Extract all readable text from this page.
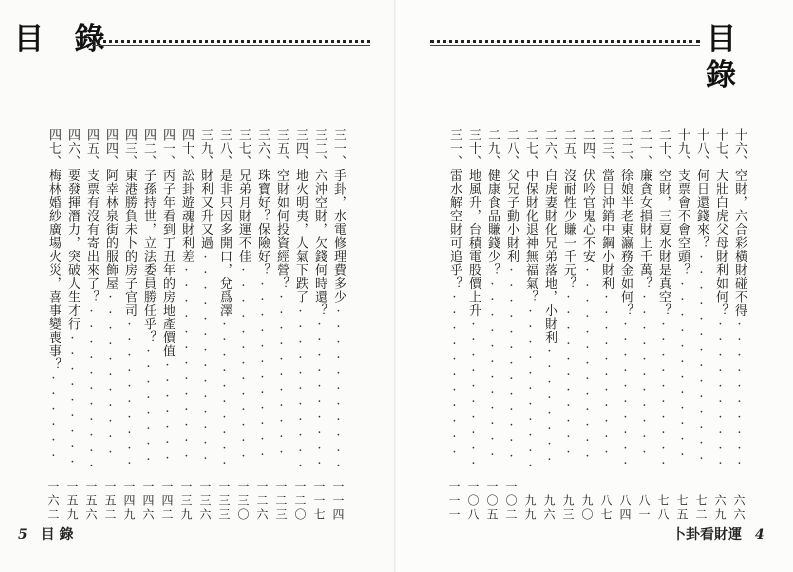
目 錄
三一、手卦，水電修理費多少 ·····
一一四
三二、六沖空財，欠錢何時還？ ·····
一一七
三四、地火明夷，人氣下跌了 ·····
一二〇
三五、空財如何投資經營？ ·····
一二三
三六、珠寶好？保險好？ ·····
一二六
三七、兄弟月財運不佳 ·····
一三〇
三八、是非只因多開口，兌爲澤 ·····
一三三
三九、財利又升又過 ·····
一三六
四十、訟卦遊魂財利差 ·····
一三九
四一、丙子年看到丁丑年的房地產價值 ·····
一四二
四二、子孫持世，立法委員勝任乎？ ·····
一四六
四三、東港勝負未卜的房子官司 ·····
一四九
四四、阿幸林泉街的服飾屋 ·····
一五二
四五、支票有沒有寄出來了？ ·····
一五六
四六、要發揮潛力，突破人生才行 ·····
一五九
四七、梅林婚紗廣場火災，喜事變喪事？ ·····
一六二
5 目 錄
目 錄
十六、空財，六合彩橫財碰不得 ·····
六六
十七、大壯白虎父母財利如何？ ·····
六九
十八、何日還錢來？ ·····
七二
十九、支票會不會空頭？ ·····
七五
二十、空財，三夏水財是真空？ ·····
七八
二一、廉貪女損財上千萬？ ·····
八一
二二、徐娘半老東瀛務金如何？ ·····
八四
二三、當日沖銷中鋼小財利 ·····
八七
二四、伏吟官鬼心不安 ·····
九〇
二五、沒耐性少賺一千元？ ·····
九三
二六、白虎妻財化兄弟落地，小財利 ·····
九六
二七、中保財化退神無福氣？ ·····
九九
二八、父兄子動小財利 ·····
一〇二
二九、健康食品賺錢少？ ·····
一〇五
三十、地風升，台積電股價上升 ·····
一〇八
三一、雷水解空財可追乎？ ·····
一一一
卜卦看財運 4
